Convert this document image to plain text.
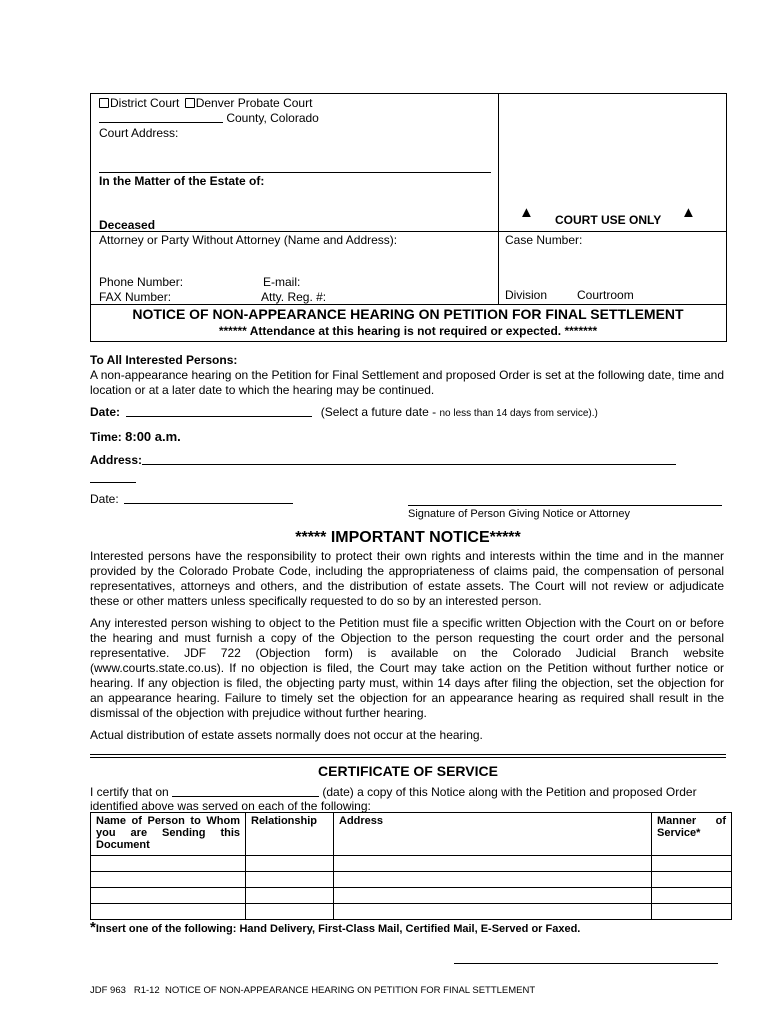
District Court Denver Probate Court
County, Colorado
Court Address:
In the Matter of the Estate of:
Deceased
▲ COURT USE ONLY ▲
Attorney or Party Without Attorney (Name and Address):
Phone Number:	E-mail:
FAX Number:	Atty. Reg. #:
Case Number:
Division Courtroom
NOTICE OF NON-APPEARANCE HEARING ON PETITION FOR FINAL SETTLEMENT
****** Attendance at this hearing is not required or expected. *******
To All Interested Persons:
A non-appearance hearing on the Petition for Final Settlement and proposed Order is set at the following date, time and location or at a later date to which the hearing may be continued.
Date:	(Select a future date - no less than 14 days from service).)
Time: 8:00 a.m.
Address:
Date:
Signature of Person Giving Notice or Attorney
***** IMPORTANT NOTICE*****
Interested persons have the responsibility to protect their own rights and interests within the time and in the manner provided by the Colorado Probate Code, including the appropriateness of claims paid, the compensation of personal representatives, attorneys and others, and the distribution of estate assets. The Court will not review or adjudicate these or other matters unless specifically requested to do so by an interested person.
Any interested person wishing to object to the Petition must file a specific written Objection with the Court on or before the hearing and must furnish a copy of the Objection to the person requesting the court order and the personal representative. JDF 722 (Objection form) is available on the Colorado Judicial Branch website (www.courts.state.co.us). If no objection is filed, the Court may take action on the Petition without further notice or hearing. If any objection is filed, the objecting party must, within 14 days after filing the objection, set the objection for an appearance hearing. Failure to timely set the objection for an appearance hearing as required shall result in the dismissal of the objection with prejudice without further hearing.
Actual distribution of estate assets normally does not occur at the hearing.
CERTIFICATE OF SERVICE
I certify that on	(date) a copy of this Notice along with the Petition and proposed Order
identified above was served on each of the following:
Name of Person to Whom you are Sending this Document	Relationship	Address	Manner of Service*

*Insert one of the following: Hand Delivery, First-Class Mail, Certified Mail, E-Served or Faxed.
JDF 963 R1-12 NOTICE OF NON-APPEARANCE HEARING ON PETITION FOR FINAL SETTLEMENT
